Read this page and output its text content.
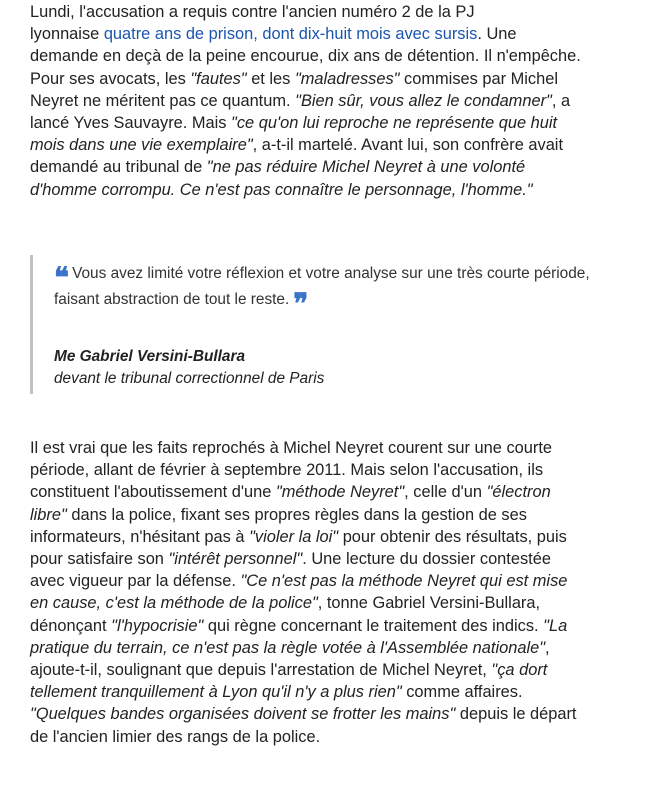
Lundi, l'accusation a requis contre l'ancien numéro 2 de la PJ
lyonnaise quatre ans de prison, dont dix-huit mois avec sursis. Une
demande en deçà de la peine encourue, dix ans de détention. Il n'empêche.
Pour ses avocats, les "fautes" et les "maladresses" commises par Michel
Neyret ne méritent pas ce quantum. "Bien sûr, vous allez le condamner", a
lancé Yves Sauvayre. Mais "ce qu'on lui reproche ne représente que huit
mois dans une vie exemplaire", a-t-il martelé. Avant lui, son confrère avait
demandé au tribunal de "ne pas réduire Michel Neyret à une volonté
d'homme corrompu. Ce n'est pas connaître le personnage, l'homme."

❝ Vous avez limité votre réflexion et votre analyse sur une très courte période,
faisant abstraction de tout le reste. ❞
Me Gabriel Versini-Bullara
devant le tribunal correctionnel de Paris

Il est vrai que les faits reprochés à Michel Neyret courent sur une courte
période, allant de février à septembre 2011. Mais selon l'accusation, ils
constituent l'aboutissement d'une "méthode Neyret", celle d'un "électron
libre" dans la police, fixant ses propres règles dans la gestion de ses
informateurs, n'hésitant pas à "violer la loi" pour obtenir des résultats, puis
pour satisfaire son "intérêt personnel". Une lecture du dossier contestée
avec vigueur par la défense. "Ce n'est pas la méthode Neyret qui est mise
en cause, c'est la méthode de la police", tonne Gabriel Versini-Bullara,
dénonçant "l'hypocrisie" qui règne concernant le traitement des indics. "La
pratique du terrain, ce n'est pas la règle votée à l'Assemblée nationale",
ajoute-t-il, soulignant que depuis l'arrestation de Michel Neyret, "ça dort
tellement tranquillement à Lyon qu'il n'y a plus rien" comme affaires.
"Quelques bandes organisées doivent se frotter les mains" depuis le départ
de l'ancien limier des rangs de la police.
